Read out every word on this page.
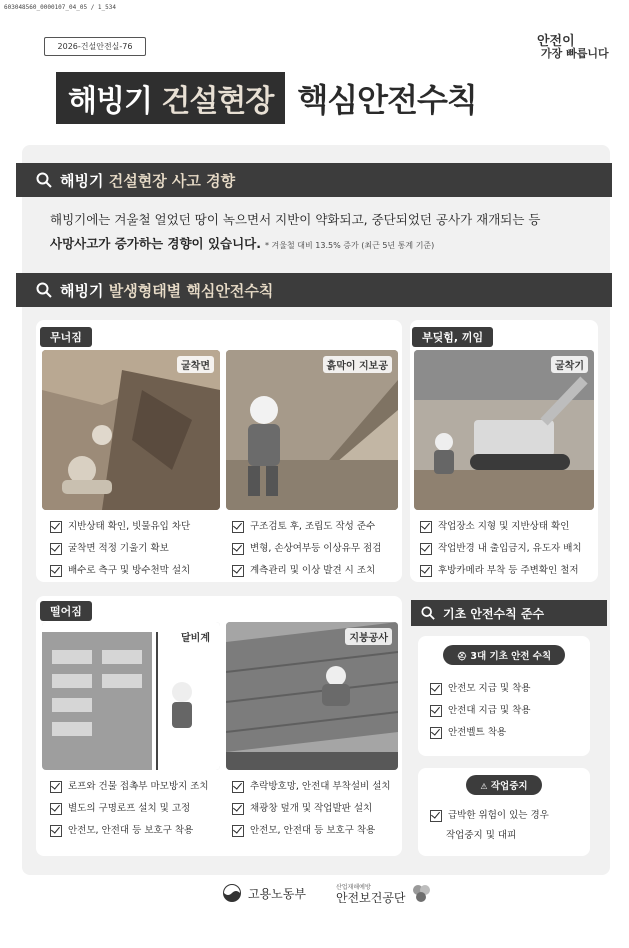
603048560_0000107_04_05 / 1_534
2026-건설안전실-76	안전이
가장 빠릅니다
해빙기 건설현장 핵심안전수칙
해빙기
건설현장 사고 경향
해빙기에는 겨울철 얼었던 땅이 녹으면서 지반이 약화되고, 중단되었던 공사가 재개되는 등
사망사고가 증가하는 경향이 있습니다. * 겨울철 대비 13.5% 증가 (최근 5년 통계 기준)
해빙기
발생형태별 핵심안전수칙
무너짐
굴착면	흙막이 지보공
지반상태 확인, 빗물유입 차단
굴착면 적정 기울기 확보
배수로 측구 및 방수천막 설치
구조검토 후, 조립도 작성 준수
변형, 손상여부등 이상유무 점검
계측관리 및 이상 발견 시 조치
부딪힘, 끼임
굴착기
작업장소 지형 및 지반상태 확인
작업반경 내 출입금지, 유도자 배치
후방카메라 부착 등 주변확인 철저
떨어짐
달비계	지붕공사
로프와 건물 접촉부 마모방지 조치
별도의 구명로프 설치 및 고정
안전모, 안전대 등 보호구 착용
추락방호망, 안전대 부착설비 설치
채광창 덮개 및 작업발판 설치
안전모, 안전대 등 보호구 착용
기초 안전수칙 준수
⛑ 3대 기초 안전 수칙
안전모 지급 및 착용
안전대 지급 및 착용
안전벨트 착용
⚠ 작업중지
급박한 위험이 있는 경우
작업중지 및 대피
고용노동부	산업재해예방
안전보건공단
